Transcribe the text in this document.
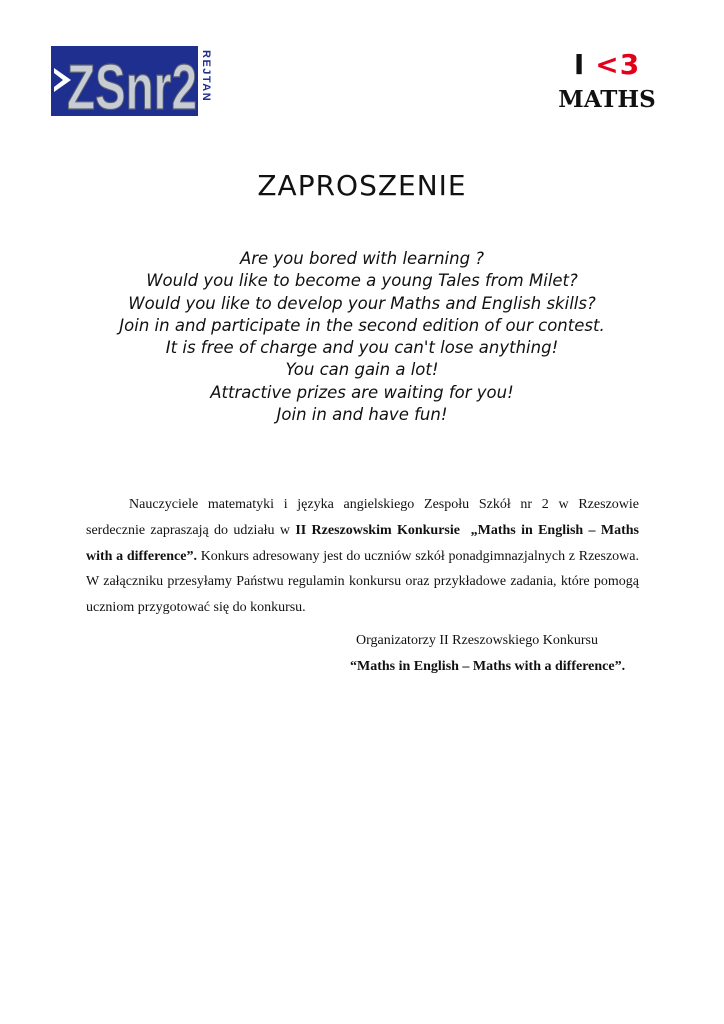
ZSnr2 REJTAN	I <3
MATHS
ZAPROSZENIE
Are you bored with learning ?
Would you like to become a young Tales from Milet?
Would you like to develop your Maths and English skills?
Join in and participate in the second edition of our contest.
It is free of charge and you can't lose anything!
You can gain a lot!
Attractive prizes are waiting for you!
Join in and have fun!

Nauczyciele matematyki i języka angielskiego Zespołu Szkół nr 2 w Rzeszowie serdecznie zapraszają do udziału w II Rzeszowskim Konkursie „Maths in English – Maths with a difference”. Konkurs adresowany jest do uczniów szkół ponadgimnazjalnych z Rzeszowa. W załączniku przesyłamy Państwu regulamin konkursu oraz przykładowe zadania, które pomogą uczniom przygotować się do konkursu.

Organizatorzy II Rzeszowskiego Konkursu
“Maths in English – Maths with a difference”.
